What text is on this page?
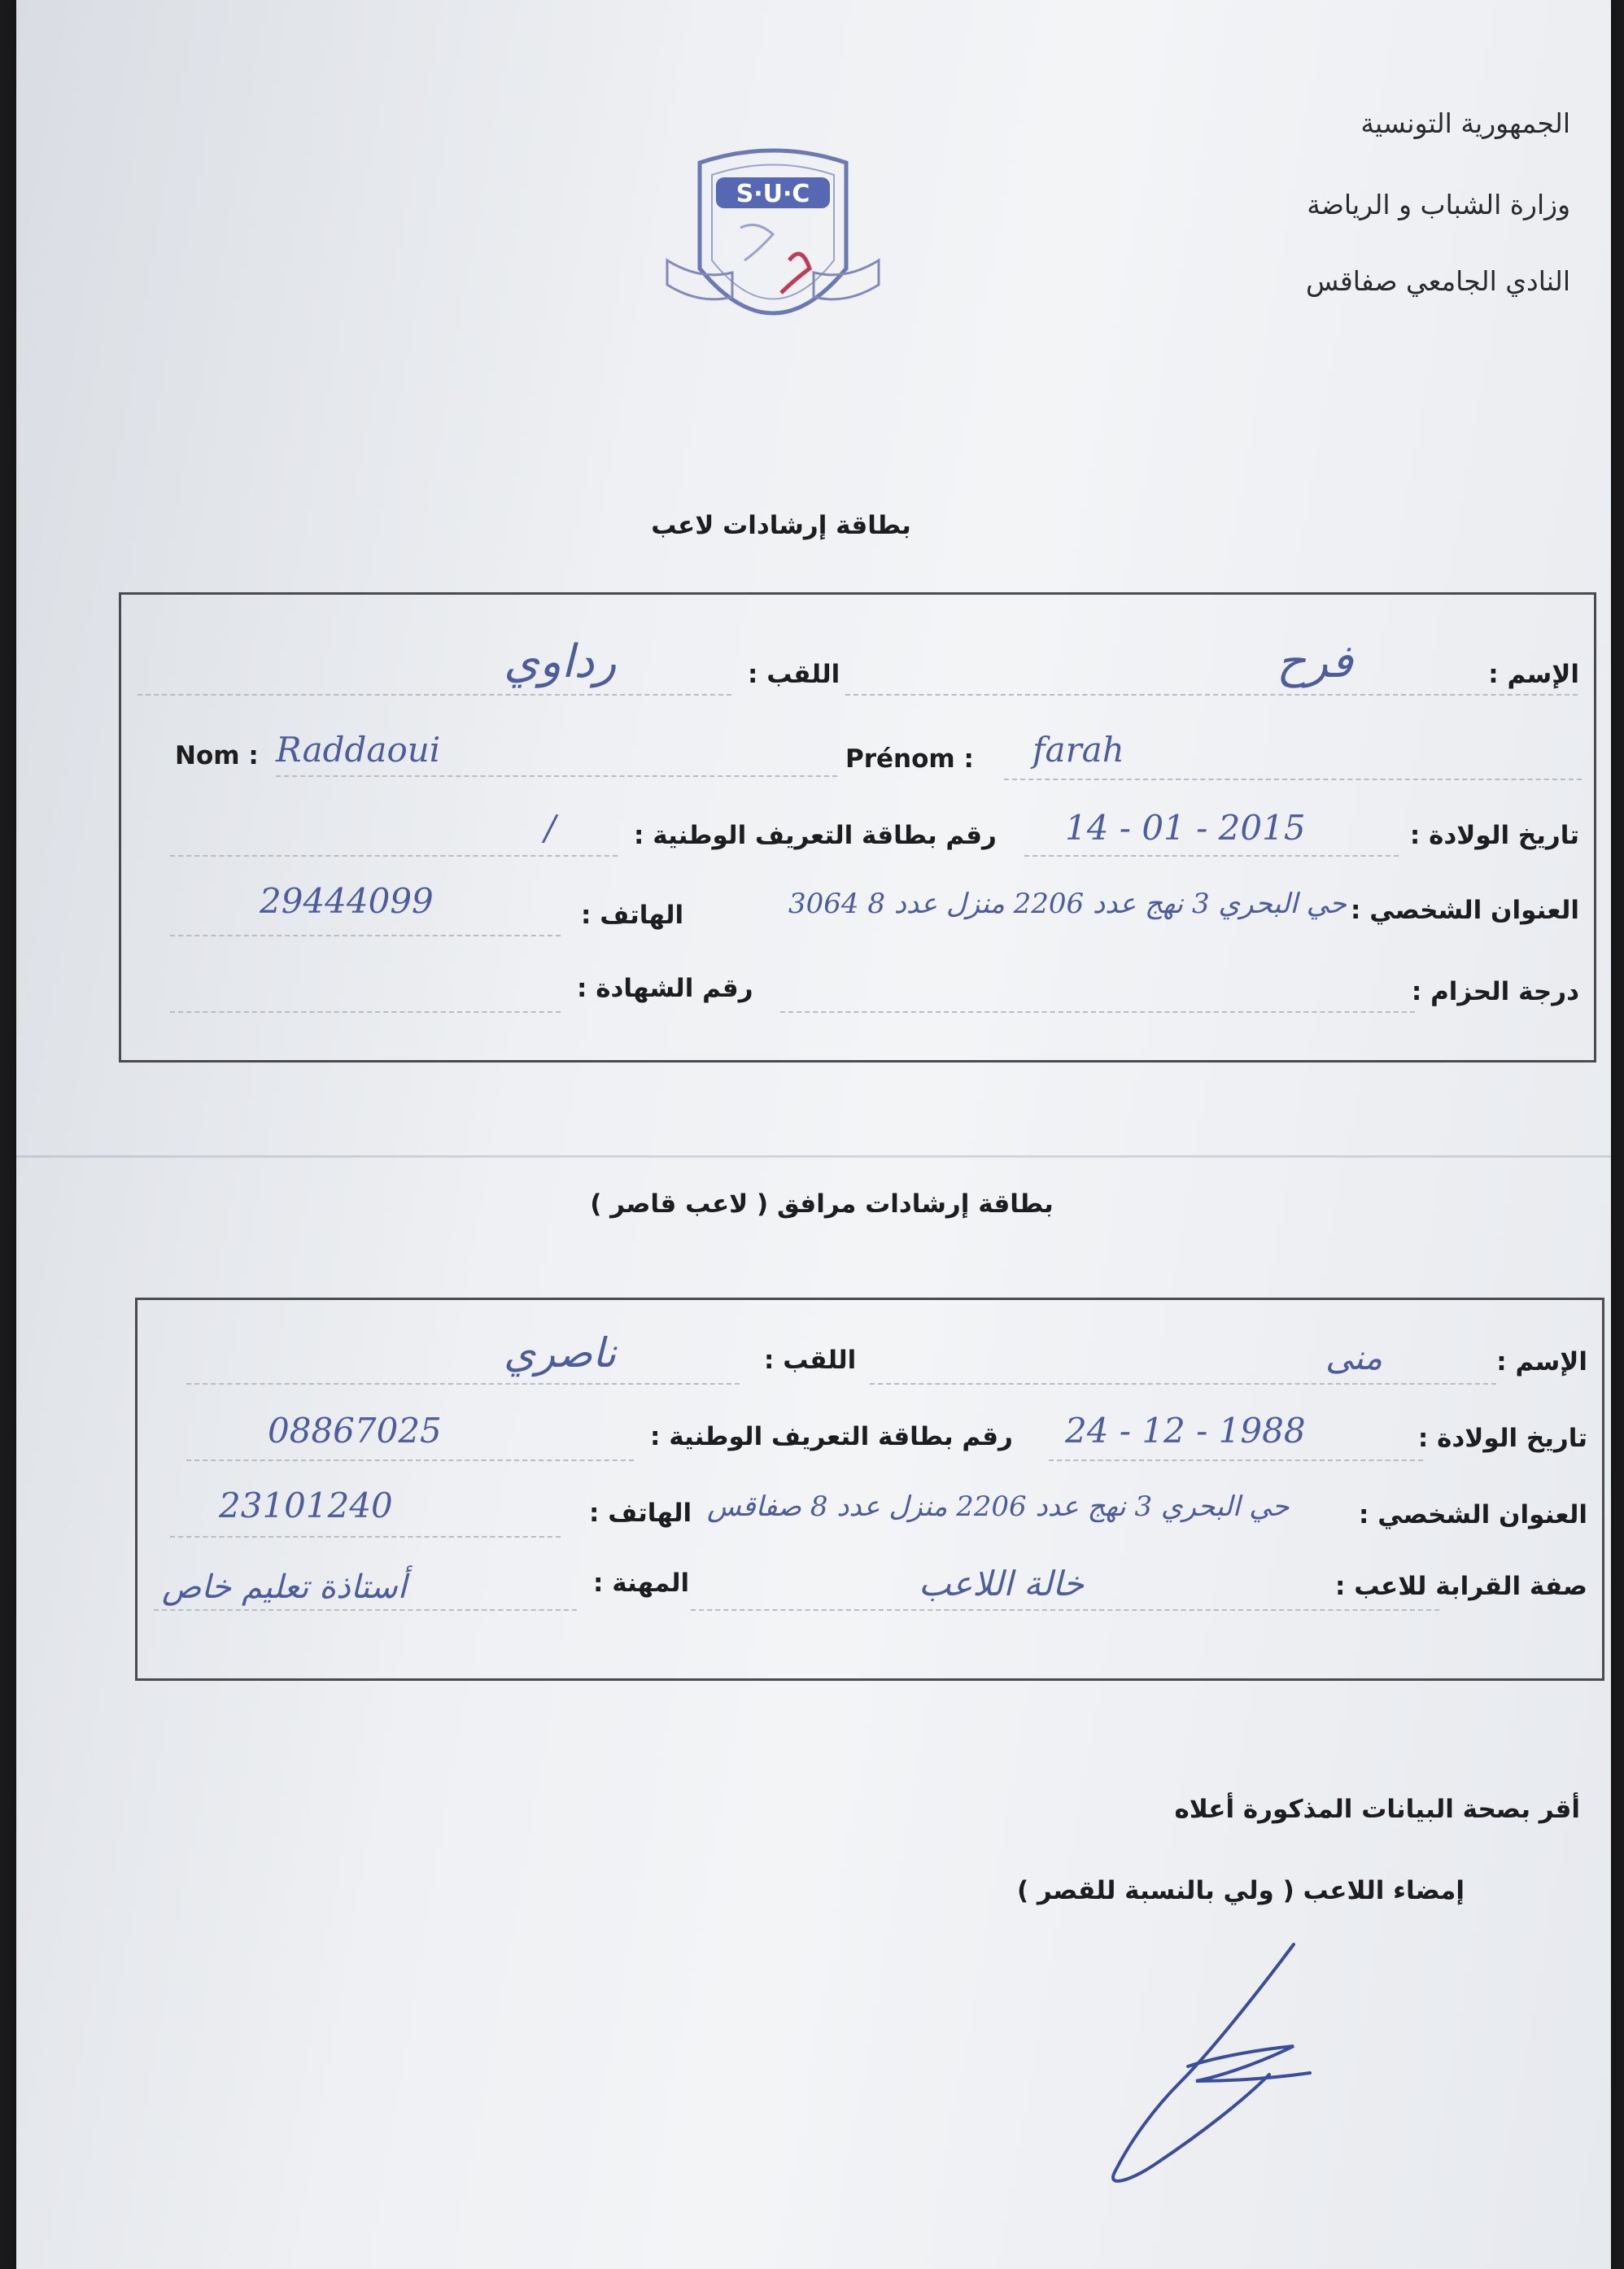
الجمهورية التونسية
وزارة الشباب و الرياضة
النادي الجامعي صفاقس
S·U·C
بطاقة إرشادات لاعب
الإسم :
فرح
اللقب :
رداوي
Nom : Raddaoui	Prénom : farah
تاريخ الولادة :
14 - 01 - 2015
رقم بطاقة التعريف الوطنية :
/
العنوان الشخصي :
حي البحري 3 نهج عدد 2206 منزل عدد 8 3064
الهاتف :
29444099
درجة الحزام :
رقم الشهادة :
بطاقة إرشادات مرافق ( لاعب قاصر )
الإسم :
منى
اللقب :
ناصري
تاريخ الولادة :
24 - 12 - 1988
رقم بطاقة التعريف الوطنية :
08867025
العنوان الشخصي :
حي البحري 3 نهج عدد 2206 منزل عدد 8 صفاقس
الهاتف :
23101240
صفة القرابة للاعب :
خالة اللاعب
المهنة :
أستاذة تعليم خاص
أقر بصحة البيانات المذكورة أعلاه
إمضاء اللاعب ( ولي بالنسبة للقصر )
